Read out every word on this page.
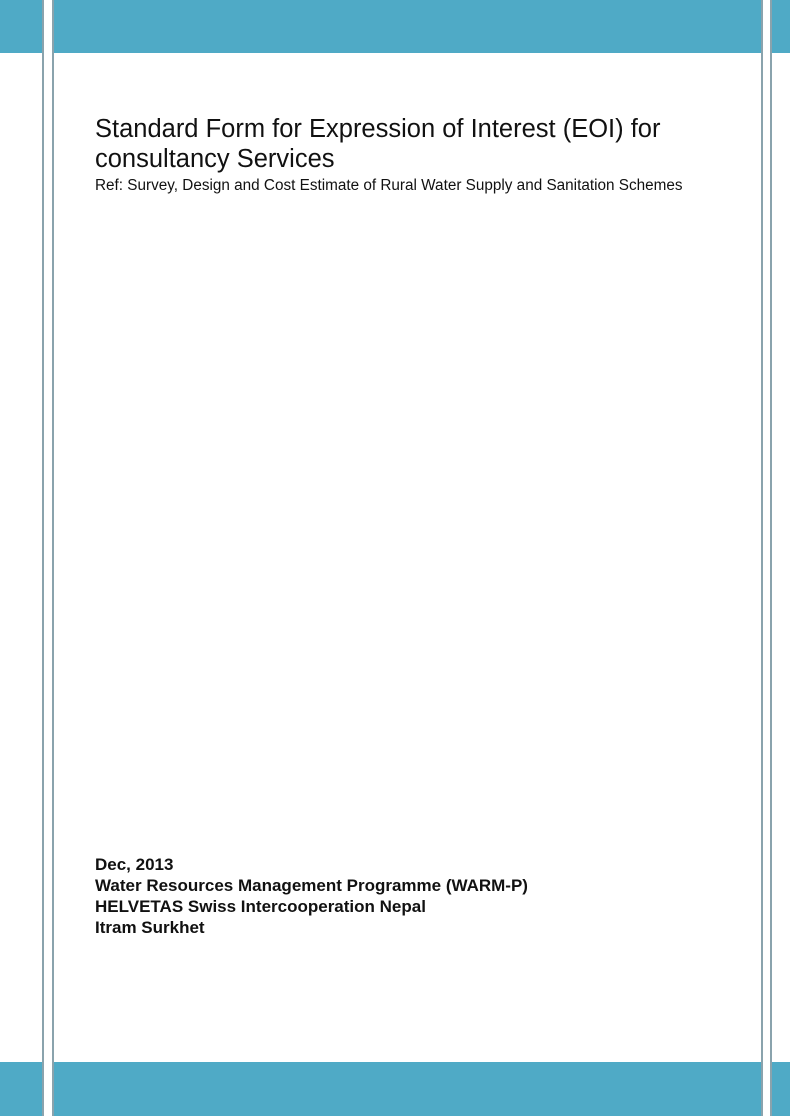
Standard Form for Expression of Interest (EOI) for consultancy Services
Ref: Survey, Design and Cost Estimate of Rural Water Supply and Sanitation Schemes
Dec, 2013
Water Resources Management Programme (WARM-P)
HELVETAS Swiss Intercooperation Nepal
Itram Surkhet
